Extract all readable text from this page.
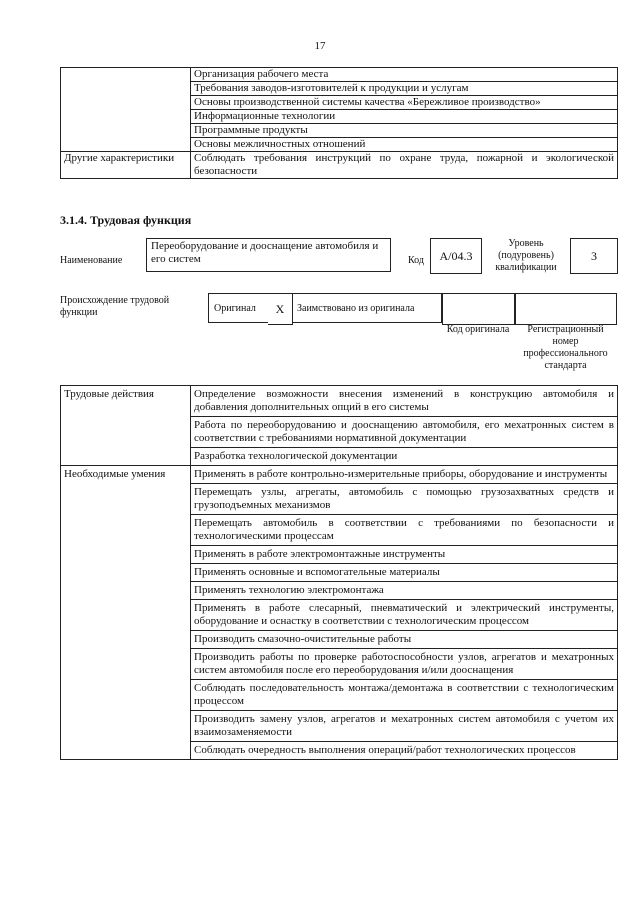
17
	Организация рабочего места
	Требования заводов-изготовителей к продукции и услугам
	Основы производственной системы качества «Бережливое производство»
	Информационные технологии
	Программные продукты
	Основы межличностных отношений
Другие характеристики	Соблюдать требования инструкций по охране труда, пожарной и экологической безопасности
3.1.4. Трудовая функция
Наименование
Переоборудование и дооснащение автомобиля и его систем	Код	A/04.3
Уровень (подуровень) квалификации
3
Происхождение трудовой функции	Оригинал	X	Заимствовано из оригинала
Код оригинала	Регистрационный номер профессионального стандарта
Трудовые действия	Определение возможности внесения изменений в конструкцию автомобиля и добавления дополнительных опций в его системы
	Работа по переоборудованию и дооснащению автомобиля, его мехатронных систем в соответствии с требованиями нормативной документации
	Разработка технологической документации
Необходимые умения	Применять в работе контрольно-измерительные приборы, оборудование и инструменты
	Перемещать узлы, агрегаты, автомобиль с помощью грузозахватных средств и грузоподъемных механизмов
	Перемещать автомобиль в соответствии с требованиями по безопасности и технологическими процессам
	Применять в работе электромонтажные инструменты
	Применять основные и вспомогательные материалы
	Применять технологию электромонтажа
	Применять в работе слесарный, пневматический и электрический инструменты, оборудование и оснастку в соответствии с технологическим процессом
	Производить смазочно-очистительные работы
	Производить работы по проверке работоспособности узлов, агрегатов и мехатронных систем автомобиля после его переоборудования и/или дооснащения
	Соблюдать последовательность монтажа/демонтажа в соответствии с технологическим процессом
	Производить замену узлов, агрегатов и мехатронных систем автомобиля с учетом их взаимозаменяемости
	Соблюдать очередность выполнения операций/работ технологических процессов
